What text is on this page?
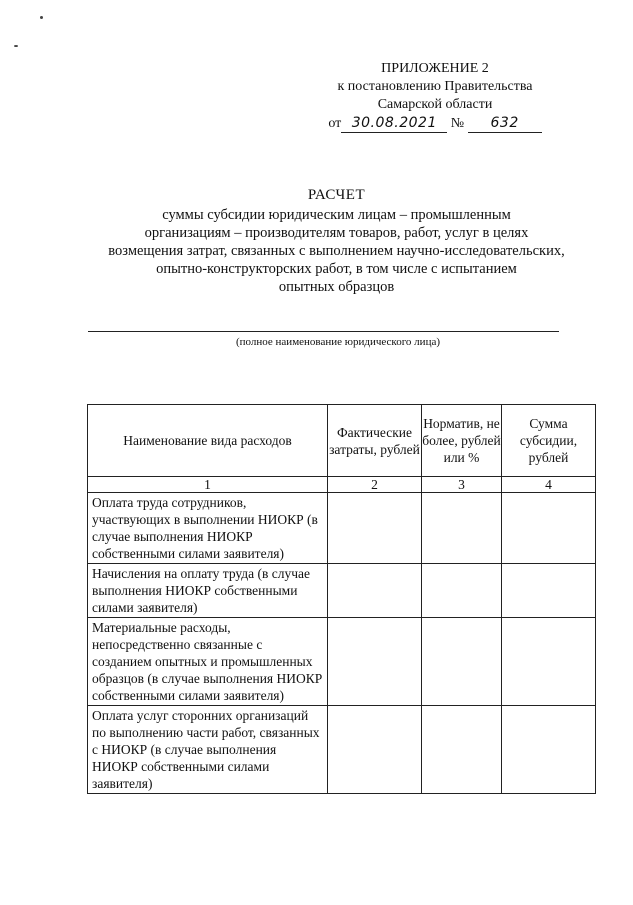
ПРИЛОЖЕНИЕ 2
к постановлению Правительства
Самарской области
от 30.08.2021 № 632
РАСЧЕТ
суммы субсидии юридическим лицам – промышленным
организациям – производителям товаров, работ, услуг в целях
возмещения затрат, связанных с выполнением научно-исследовательских,
опытно-конструкторских работ, в том числе с испытанием
опытных образцов
(полное наименование юридического лица)
Наименование вида расходов	Фактические затраты, рублей	Норматив, не более, рублей или %	Сумма субсидии, рублей
1	2	3	4
Оплата труда сотрудников, участвующих в выполнении НИОКР (в случае выполнения НИОКР собственными силами заявителя)			
Начисления на оплату труда (в случае выполнения НИОКР собственными силами заявителя)			
Материальные расходы, непосредственно связанные с созданием опытных и промышленных образцов (в случае выполнения НИОКР собственными силами заявителя)			
Оплата услуг сторонних организаций по выполнению части работ, связанных с НИОКР (в случае выполнения НИОКР собственными силами заявителя)			
